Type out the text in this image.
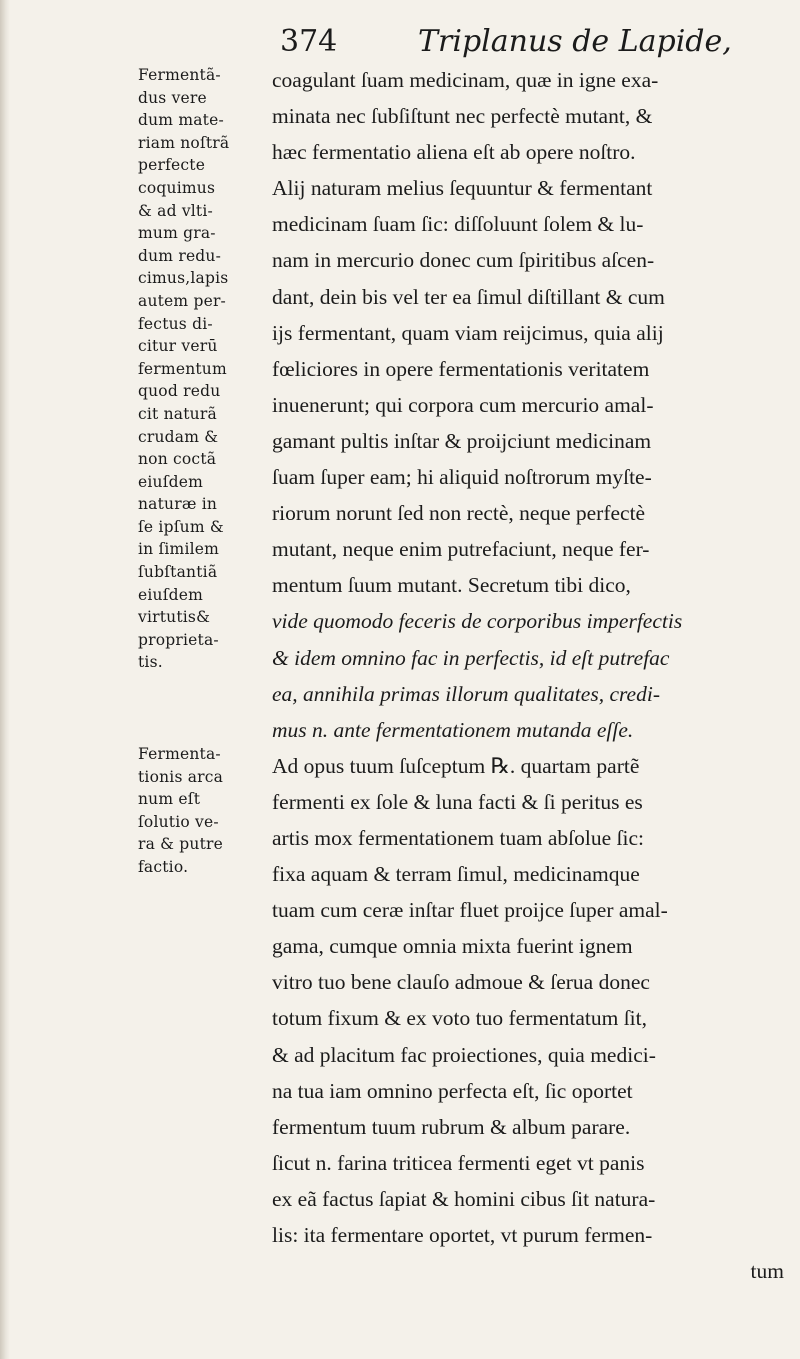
374	Triplanus de Lapide,
Fermentã-
dus vere
dum mate-
riam noſtrã
perfecte
coquimus
& ad vlti-
mum gra-
dum redu-
cimus,lapis
autem per-
fectus di-
citur verū
fermentum
quod redu
cit naturã
crudam &
non coctã
eiuſdem
naturæ in
ſe ipſum &
in ſimilem
ſubſtantiã
eiuſdem
virtutis&
proprieta-
tis.
Fermenta-
tionis arca
num eſt
ſolutio ve-
ra & putre
factio.
coagulant ſuam medicinam, quæ in igne exa-
minata nec ſubſiſtunt nec perfectè mutant, &
hæc fermentatio aliena eſt ab opere noſtro.
Alij naturam melius ſequuntur & fermentant
medicinam ſuam ſic: diſſoluunt ſolem & lu-
nam in mercurio donec cum ſpiritibus aſcen-
dant, dein bis vel ter ea ſimul diſtillant & cum
ijs fermentant, quam viam reijcimus, quia alij
fœliciores in opere fermentationis veritatem
inuenerunt; qui corpora cum mercurio amal-
gamant pultis inſtar & proijciunt medicinam
ſuam ſuper eam; hi aliquid noſtrorum myſte-
riorum norunt ſed non rectè, neque perfectè
mutant, neque enim putrefaciunt, neque fer-
mentum ſuum mutant. Secretum tibi dico,
vide quomodo feceris de corporibus imperfectis
& idem omnino fac in perfectis, id eſt putrefac
ea, annihila primas illorum qualitates, credi-
mus n. ante fermentationem mutanda eſſe.
Ad opus tuum ſuſceptum ℞. quartam partẽ
fermenti ex ſole & luna facti & ſi peritus es
artis mox fermentationem tuam abſolue ſic:
fixa aquam & terram ſimul, medicinamque
tuam cum ceræ inſtar fluet proijce ſuper amal-
gama, cumque omnia mixta fuerint ignem
vitro tuo bene clauſo admoue & ſerua donec
totum fixum & ex voto tuo fermentatum ſit,
& ad placitum fac proiectiones, quia medici-
na tua iam omnino perfecta eſt, ſic oportet
fermentum tuum rubrum & album parare.
ſicut n. farina triticea fermenti eget vt panis
ex eã factus ſapiat & homini cibus ſit natura-
lis: ita fermentare oportet, vt purum fermen-
tum
